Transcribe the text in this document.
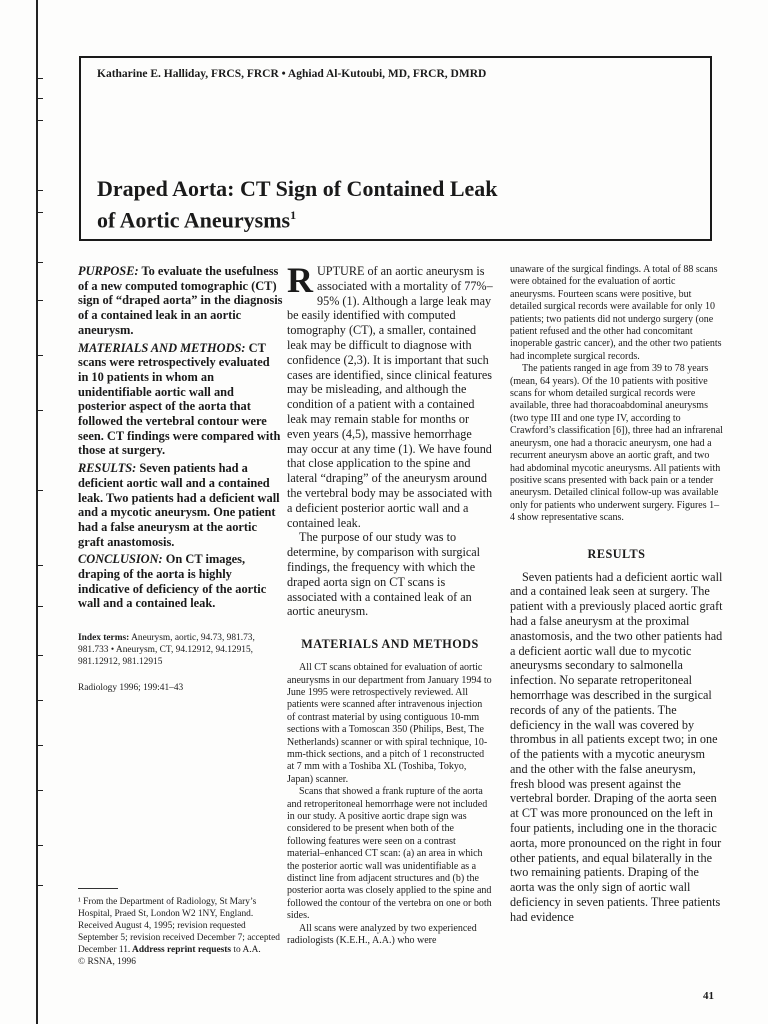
Katharine E. Halliday, FRCS, FRCR • Aghiad Al-Kutoubi, MD, FRCR, DMRD
Draped Aorta: CT Sign of Contained Leak
of Aortic Aneurysms$^1$

PURPOSE: To evaluate the usefulness of a new computed tomographic (CT) sign of “draped aorta” in the diagnosis of a contained leak in an aortic aneurysm.

MATERIALS AND METHODS: CT scans were retrospectively evaluated in 10 patients in whom an unidentifiable aortic wall and posterior aspect of the aorta that followed the vertebral contour were seen. CT findings were compared with those at surgery.

RESULTS: Seven patients had a deficient aortic wall and a contained leak. Two patients had a deficient wall and a mycotic aneurysm. One patient had a false aneurysm at the aortic graft anastomosis.

CONCLUSION: On CT images, draping of the aorta is highly indicative of deficiency of the aortic wall and a contained leak.

Index terms: Aneurysm, aortic, 94.73, 981.73, 981.733 • Aneurysm, CT, 94.12912, 94.12915, 981.12912, 981.12915

Radiology 1996; 199:41–43

¹ From the Department of Radiology, St Mary’s Hospital, Praed St, London W2 1NY, England. Received August 4, 1995; revision requested September 5; revision received December 7; accepted December 11. Address reprint requests to A.A.

© RSNA, 1996

RUPTURE of an aortic aneurysm is associated with a mortality of 77%–95% (1). Although a large leak may be easily identified with computed tomography (CT), a smaller, contained leak may be difficult to diagnose with confidence (2,3). It is important that such cases are identified, since clinical features may be misleading, and although the condition of a patient with a contained leak may remain stable for months or even years (4,5), massive hemorrhage may occur at any time (1). We have found that close application to the spine and lateral “draping” of the aneurysm around the vertebral body may be associated with a deficient posterior aortic wall and a contained leak.

The purpose of our study was to determine, by comparison with surgical findings, the frequency with which the draped aorta sign on CT scans is associated with a contained leak of an aortic aneurysm.

MATERIALS AND METHODS

All CT scans obtained for evaluation of aortic aneurysms in our department from January 1994 to June 1995 were retrospectively reviewed. All patients were scanned after intravenous injection of contrast material by using contiguous 10-mm sections with a Tomoscan 350 (Philips, Best, The Netherlands) scanner or with spiral technique, 10-mm-thick sections, and a pitch of 1 reconstructed at 7 mm with a Toshiba XL (Toshiba, Tokyo, Japan) scanner.

Scans that showed a frank rupture of the aorta and retroperitoneal hemorrhage were not included in our study. A positive aortic drape sign was considered to be present when both of the following features were seen on a contrast material–enhanced CT scan: (a) an area in which the posterior aortic wall was unidentifiable as a distinct line from adjacent structures and (b) the posterior aorta was closely applied to the spine and followed the contour of the vertebra on one or both sides.

All scans were analyzed by two experienced radiologists (K.E.H., A.A.) who were

unaware of the surgical findings. A total of 88 scans were obtained for the evaluation of aortic aneurysms. Fourteen scans were positive, but detailed surgical records were available for only 10 patients; two patients did not undergo surgery (one patient refused and the other had concomitant inoperable gastric cancer), and the other two patients had incomplete surgical records.

The patients ranged in age from 39 to 78 years (mean, 64 years). Of the 10 patients with positive scans for whom detailed surgical records were available, three had thoracoabdominal aneurysms (two type III and one type IV, according to Crawford’s classification [6]), three had an infrarenal aneurysm, one had a thoracic aneurysm, one had a recurrent aneurysm above an aortic graft, and two had abdominal mycotic aneurysms. All patients with positive scans presented with back pain or a tender aneurysm. Detailed clinical follow-up was available only for patients who underwent surgery. Figures 1–4 show representative scans.

RESULTS

Seven patients had a deficient aortic wall and a contained leak seen at surgery. The patient with a previously placed aortic graft had a false aneurysm at the proximal anastomosis, and the two other patients had a deficient aortic wall due to mycotic aneurysms secondary to salmonella infection. No separate retroperitoneal hemorrhage was described in the surgical records of any of the patients. The deficiency in the wall was covered by thrombus in all patients except two; in one of the patients with a mycotic aneurysm and the other with the false aneurysm, fresh blood was present against the vertebral border. Draping of the aorta seen at CT was more pronounced on the left in four patients, including one in the thoracic aorta, more pronounced on the right in four other patients, and equal bilaterally in the two remaining patients. Draping of the aorta was the only sign of aortic wall deficiency in seven patients. Three patients had evidence

41
